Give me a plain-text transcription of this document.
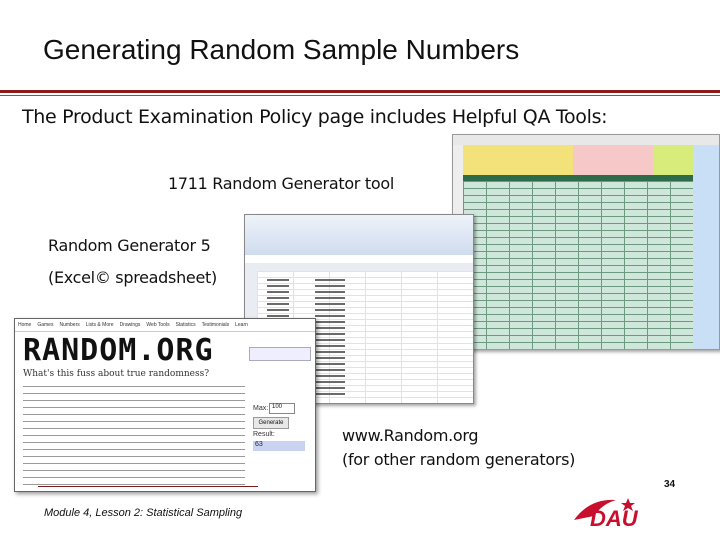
Generating Random Sample Numbers
The Product Examination Policy page includes Helpful QA Tools:
1711 Random Generator tool
Random Generator 5
(Excel© spreadsheet)
Home Games Numbers Lists & More Drawings Web Tools Statistics Testimonials Learn
RANDOM.ORG
What's this fuss about true randomness?
Max: 100
Generate
Result:
63	www.Random.org
(for other random generators)
Module 4, Lesson 2: Statistical Sampling	DAU
34
